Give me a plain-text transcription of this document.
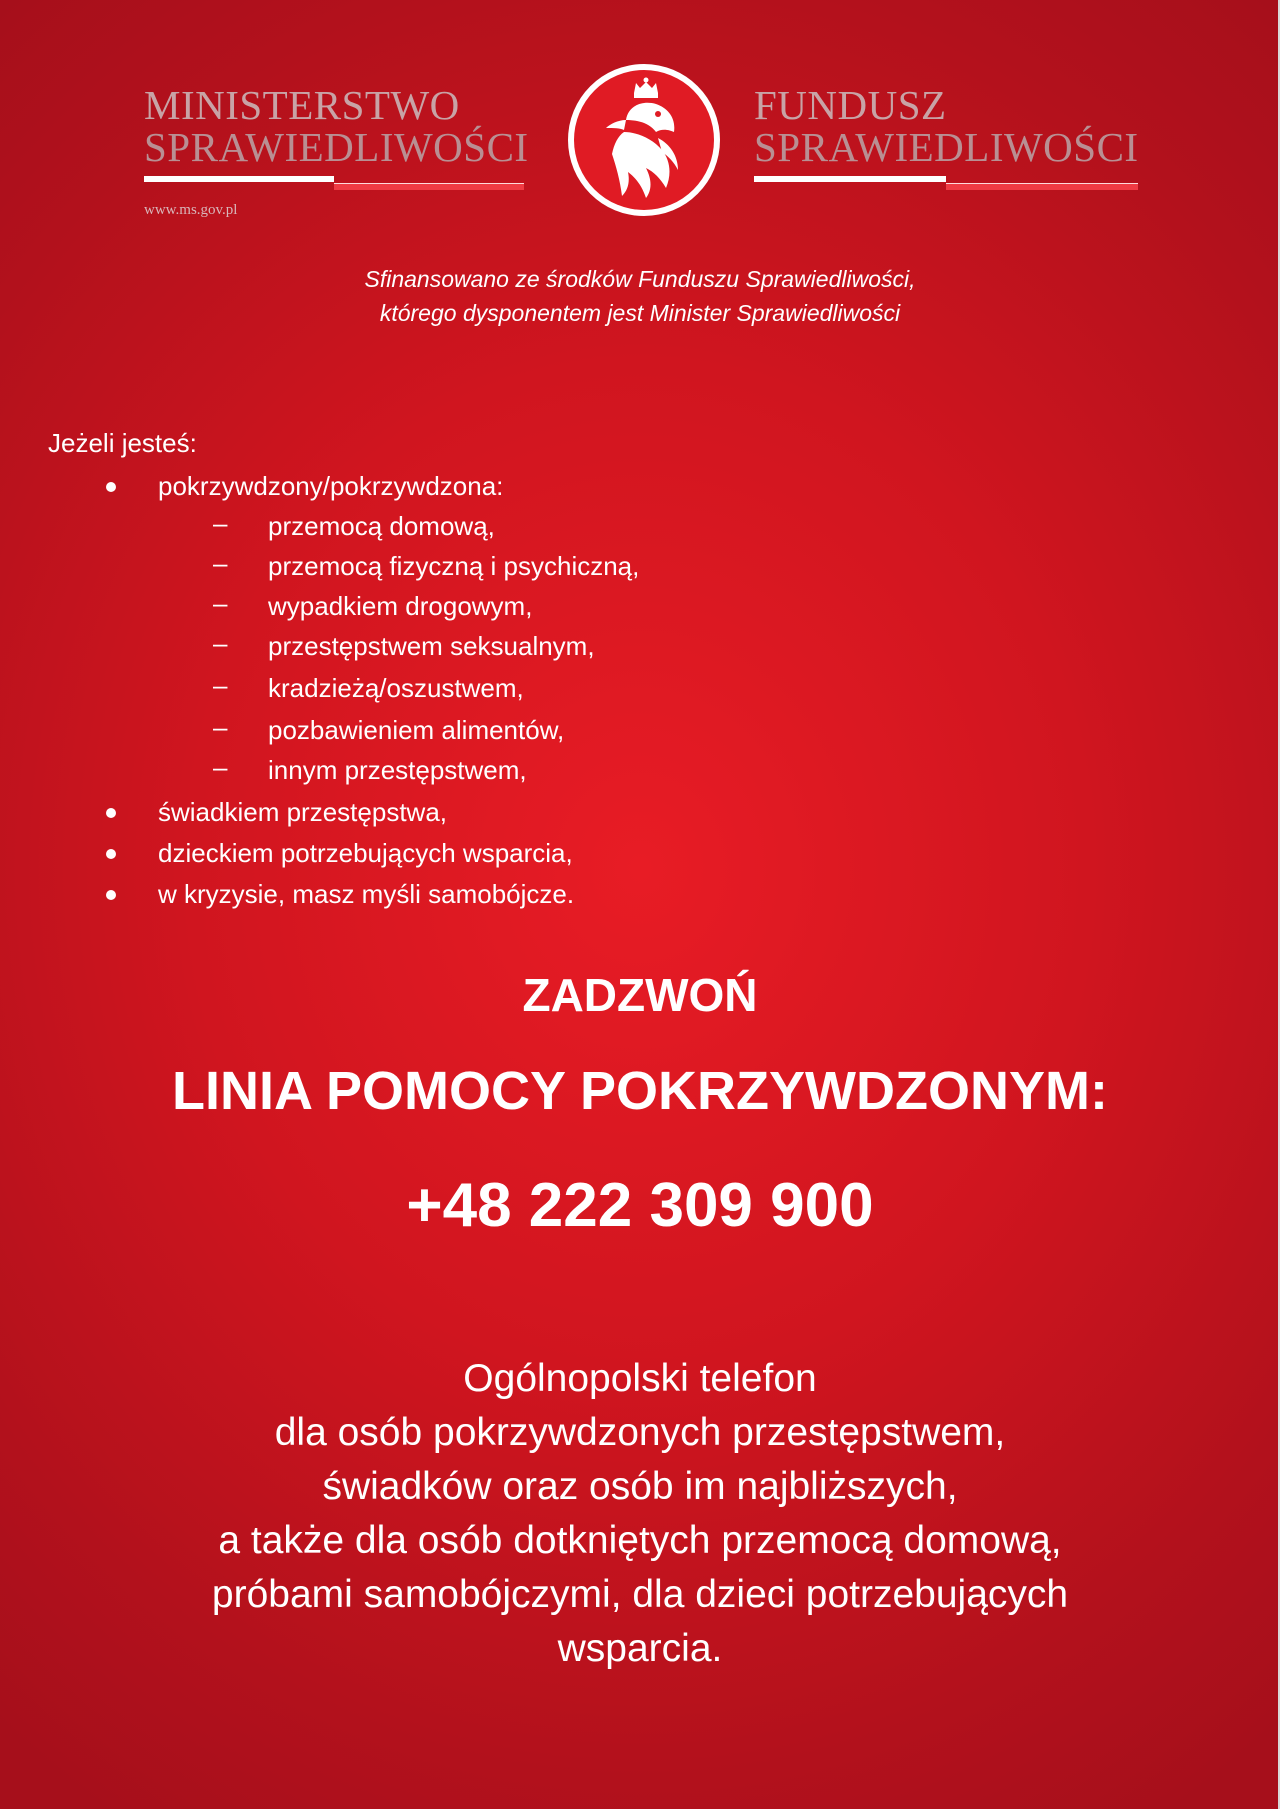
MINISTERSTWO
SPRAWIEDLIWOŚCI
www.ms.gov.pl
FUNDUSZ
SPRAWIEDLIWOŚCI
Sfinansowano ze środków Funduszu Sprawiedliwości,
którego dysponentem jest Minister Sprawiedliwości
Jeżeli jesteś:
pokrzywdzony/pokrzywdzona:
– przemocą domową,
– przemocą fizyczną i psychiczną,
– wypadkiem drogowym,
– przestępstwem seksualnym,
– kradzieżą/oszustwem,
– pozbawieniem alimentów,
– innym przestępstwem,
świadkiem przestępstwa,
dzieckiem potrzebujących wsparcia,
w kryzysie, masz myśli samobójcze.
ZADZWOŃ
LINIA POMOCY POKRZYWDZONYM:
+48 222 309 900
Ogólnopolski telefon
dla osób pokrzywdzonych przestępstwem,
świadków oraz osób im najbliższych,
a także dla osób dotkniętych przemocą domową,
próbami samobójczymi, dla dzieci potrzebujących
wsparcia.
